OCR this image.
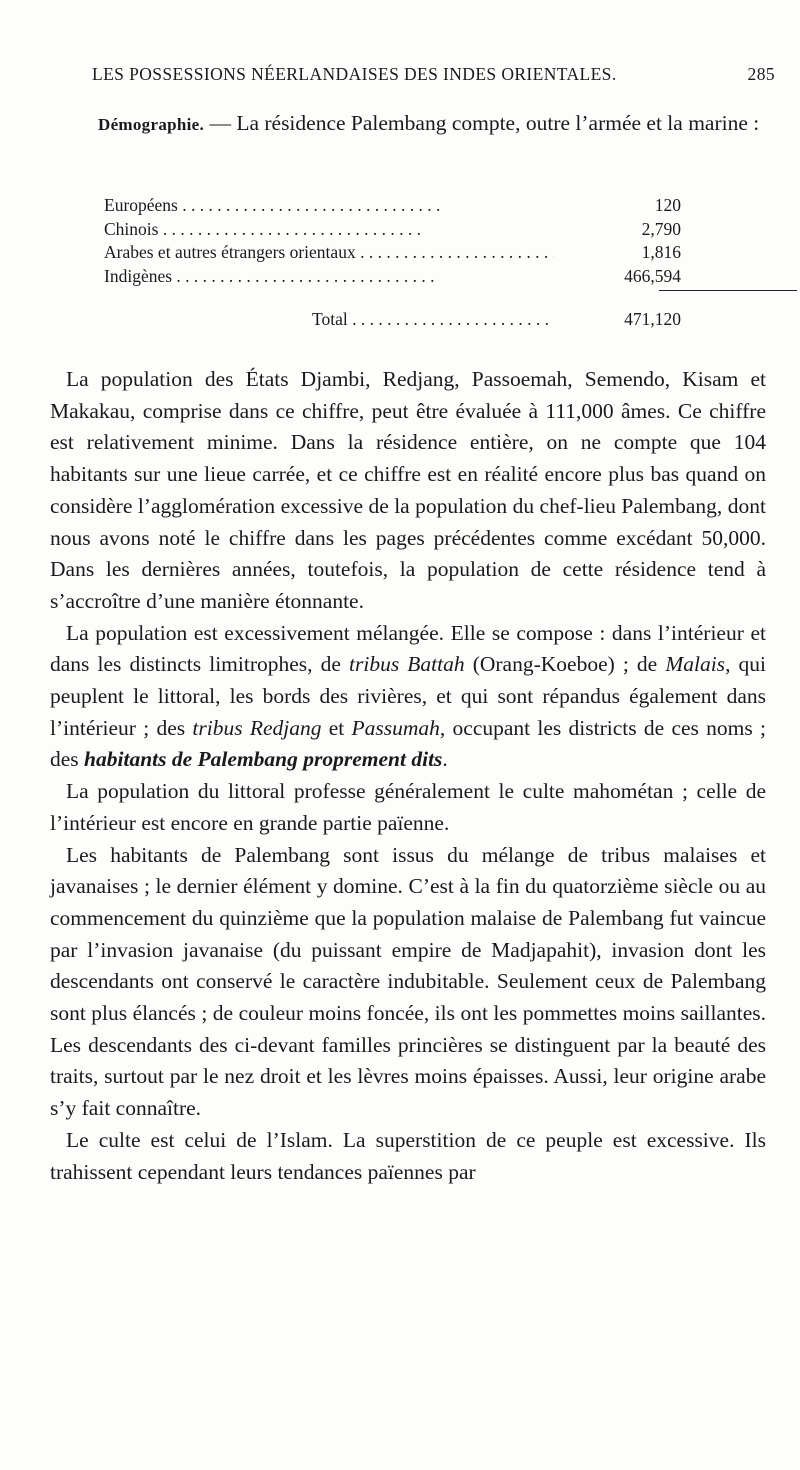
LES POSSESSIONS NÉERLANDAISES DES INDES ORIENTALES.	285
Démographie. — La résidence Palembang compte, outre l’armée et la marine :
Européens . . .	120
Chinois . . .	2,790
Arabes et autres étrangers orientaux . . .	1,816
Indigènes . . .	466,594
Total . . .	471,120

La population des États Djambi, Redjang, Passoemah, Semendo, Kisam et Makakau, comprise dans ce chiffre, peut être évaluée à 111,000 âmes. Ce chiffre est relativement minime. Dans la résidence entière, on ne compte que 104 habitants sur une lieue carrée, et ce chiffre est en réalité encore plus bas quand on considère l’agglomération excessive de la population du chef-lieu Palembang, dont nous avons noté le chiffre dans les pages précédentes comme excédant 50,000. Dans les dernières années, toutefois, la population de cette résidence tend à s’accroître d’une manière étonnante.

La population est excessivement mélangée. Elle se compose : dans l’intérieur et dans les distincts limitrophes, de tribus Battah (Orang-Koeboe) ; de Malais, qui peuplent le littoral, les bords des rivières, et qui sont répandus également dans l’intérieur ; des tribus Redjang et Passumah, occupant les districts de ces noms ; des habitants de Palembang proprement dits.

La population du littoral professe généralement le culte mahométan ; celle de l’intérieur est encore en grande partie païenne.

Les habitants de Palembang sont issus du mélange de tribus malaises et javanaises ; le dernier élément y domine. C’est à la fin du quatorzième siècle ou au commencement du quinzième que la population malaise de Palembang fut vaincue par l’invasion javanaise (du puissant empire de Madjapahit), invasion dont les descendants ont conservé le caractère indubitable. Seulement ceux de Palembang sont plus élancés ; de couleur moins foncée, ils ont les pommettes moins saillantes. Les descendants des ci-devant familles princières se distinguent par la beauté des traits, surtout par le nez droit et les lèvres moins épaisses. Aussi, leur origine arabe s’y fait connaître.

Le culte est celui de l’Islam. La superstition de ce peuple est excessive. Ils trahissent cependant leurs tendances païennes par
